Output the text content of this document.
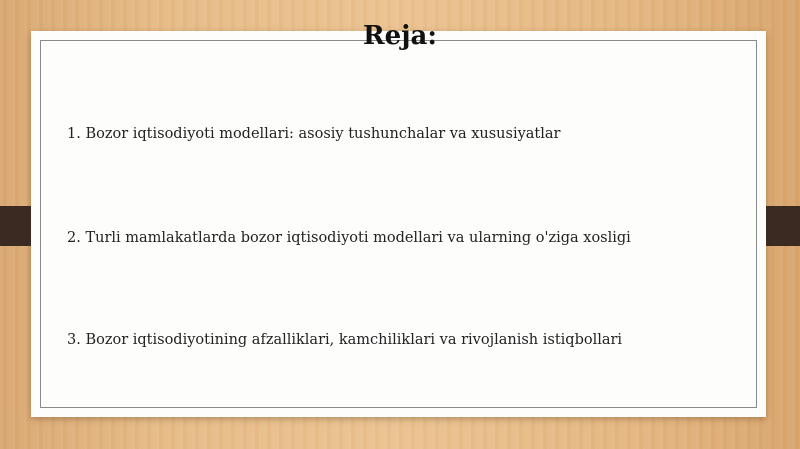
Reja:
1. Bozor iqtisodiyoti modellari: asosiy tushunchalar va xususiyatlar
2. Turli mamlakatlarda bozor iqtisodiyoti modellari va ularning o'ziga xosligi
3. Bozor iqtisodiyotining afzalliklari, kamchiliklari va rivojlanish istiqbollari
